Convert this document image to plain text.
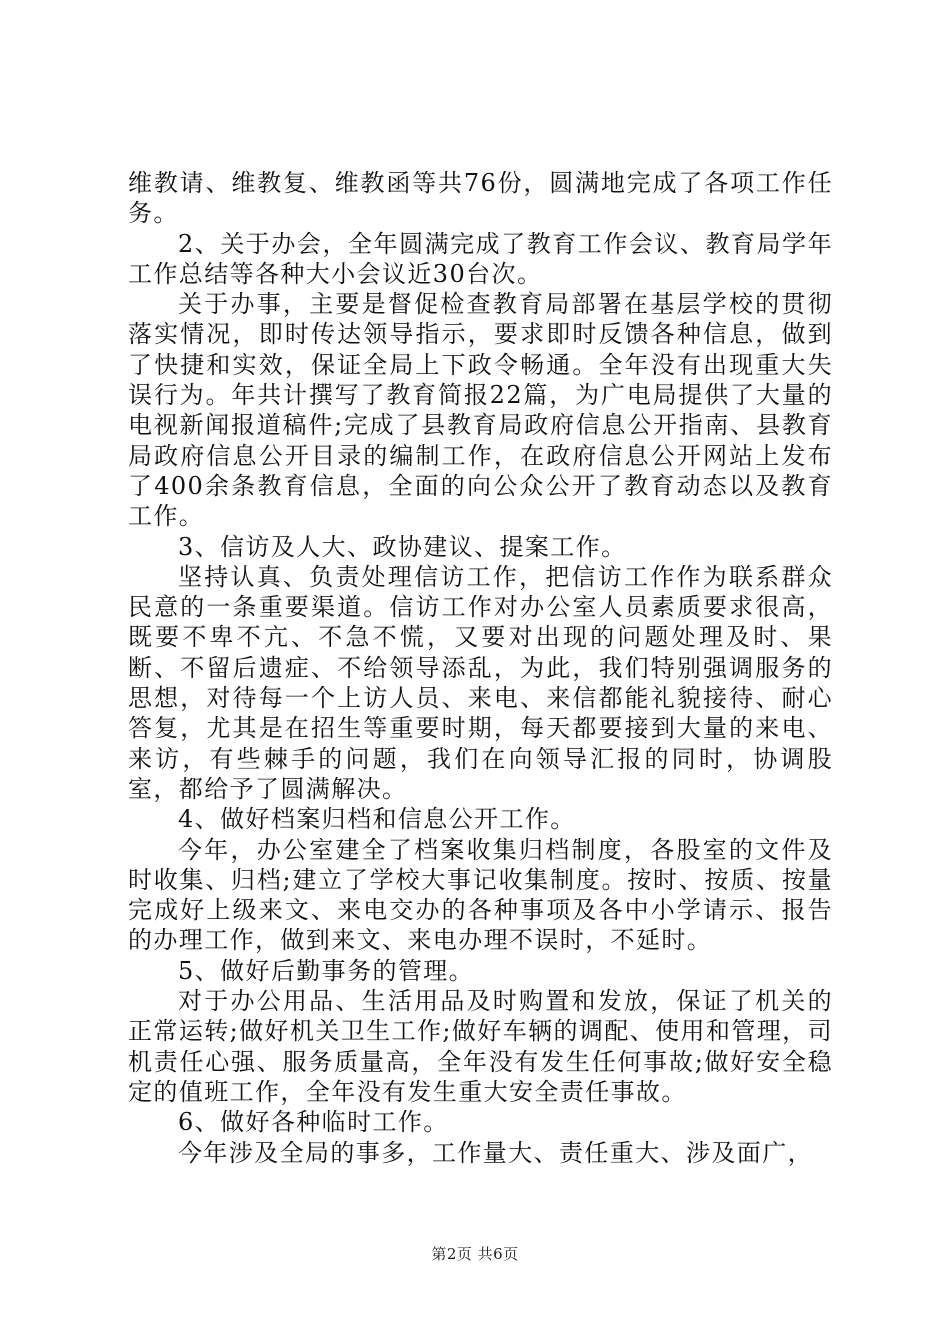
维教请、维教复、维教函等共76份，圆满地完成了各项工作任务。

2、关于办会，全年圆满完成了教育工作会议、教育局学年工作总结等各种大小会议近30台次。

关于办事，主要是督促检查教育局部署在基层学校的贯彻落实情况，即时传达领导指示，要求即时反馈各种信息，做到了快捷和实效，保证全局上下政令畅通。全年没有出现重大失误行为。年共计撰写了教育简报22篇，为广电局提供了大量的电视新闻报道稿件;完成了县教育局政府信息公开指南、县教育局政府信息公开目录的编制工作，在政府信息公开网站上发布了400余条教育信息，全面的向公众公开了教育动态以及教育工作。

3、信访及人大、政协建议、提案工作。

坚持认真、负责处理信访工作，把信访工作作为联系群众民意的一条重要渠道。信访工作对办公室人员素质要求很高，既要不卑不亢、不急不慌，又要对出现的问题处理及时、果断、不留后遗症、不给领导添乱，为此，我们特别强调服务的思想，对待每一个上访人员、来电、来信都能礼貌接待、耐心答复，尤其是在招生等重要时期，每天都要接到大量的来电、来访，有些棘手的问题，我们在向领导汇报的同时，协调股室，都给予了圆满解决。

4、做好档案归档和信息公开工作。

今年，办公室建全了档案收集归档制度，各股室的文件及时收集、归档;建立了学校大事记收集制度。按时、按质、按量完成好上级来文、来电交办的各种事项及各中小学请示、报告的办理工作，做到来文、来电办理不误时，不延时。

5、做好后勤事务的管理。

对于办公用品、生活用品及时购置和发放，保证了机关的正常运转;做好机关卫生工作;做好车辆的调配、使用和管理，司机责任心强、服务质量高，全年没有发生任何事故;做好安全稳定的值班工作，全年没有发生重大安全责任事故。

6、做好各种临时工作。

今年涉及全局的事多，工作量大、责任重大、涉及面广，

第2页 共6页
